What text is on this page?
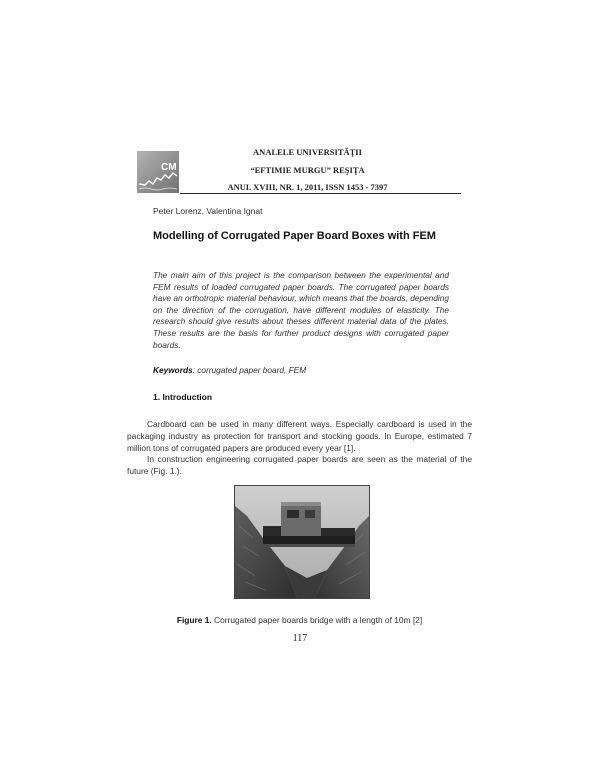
CM
ANALELE UNIVERSITĂŢII
“EFTIMIE MURGU” REŞIŢA
ANUL XVIII, NR. 1, 2011, ISSN 1453 - 7397
Peter Lorenz, Valentina Ignat
Modelling of Corrugated Paper Board Boxes with FEM

The main aim of this project is the comparison between the experimental and FEM results of loaded corrugated paper boards. The corrugated paper boards have an orthotropic material behaviour, which means that the boards, depending on the direction of the corrugation, have different modules of elasticity. The research should give results about theses different material data of the plates. These results are the basis for further product designs with corrugated paper boards.

Keywords: corrugated paper board, FEM
1. Introduction

Cardboard can be used in many different ways. Especially cardboard is used in the packaging industry as protection for transport and stocking goods. In Europe, estimated 7 million tons of corrugated papers are produced every year [1].

In construction engineering corrugated paper boards are seen as the material of the future (Fig. 1.).

Figure 1. Corrugated paper boards bridge with a length of 10m [2]
117
